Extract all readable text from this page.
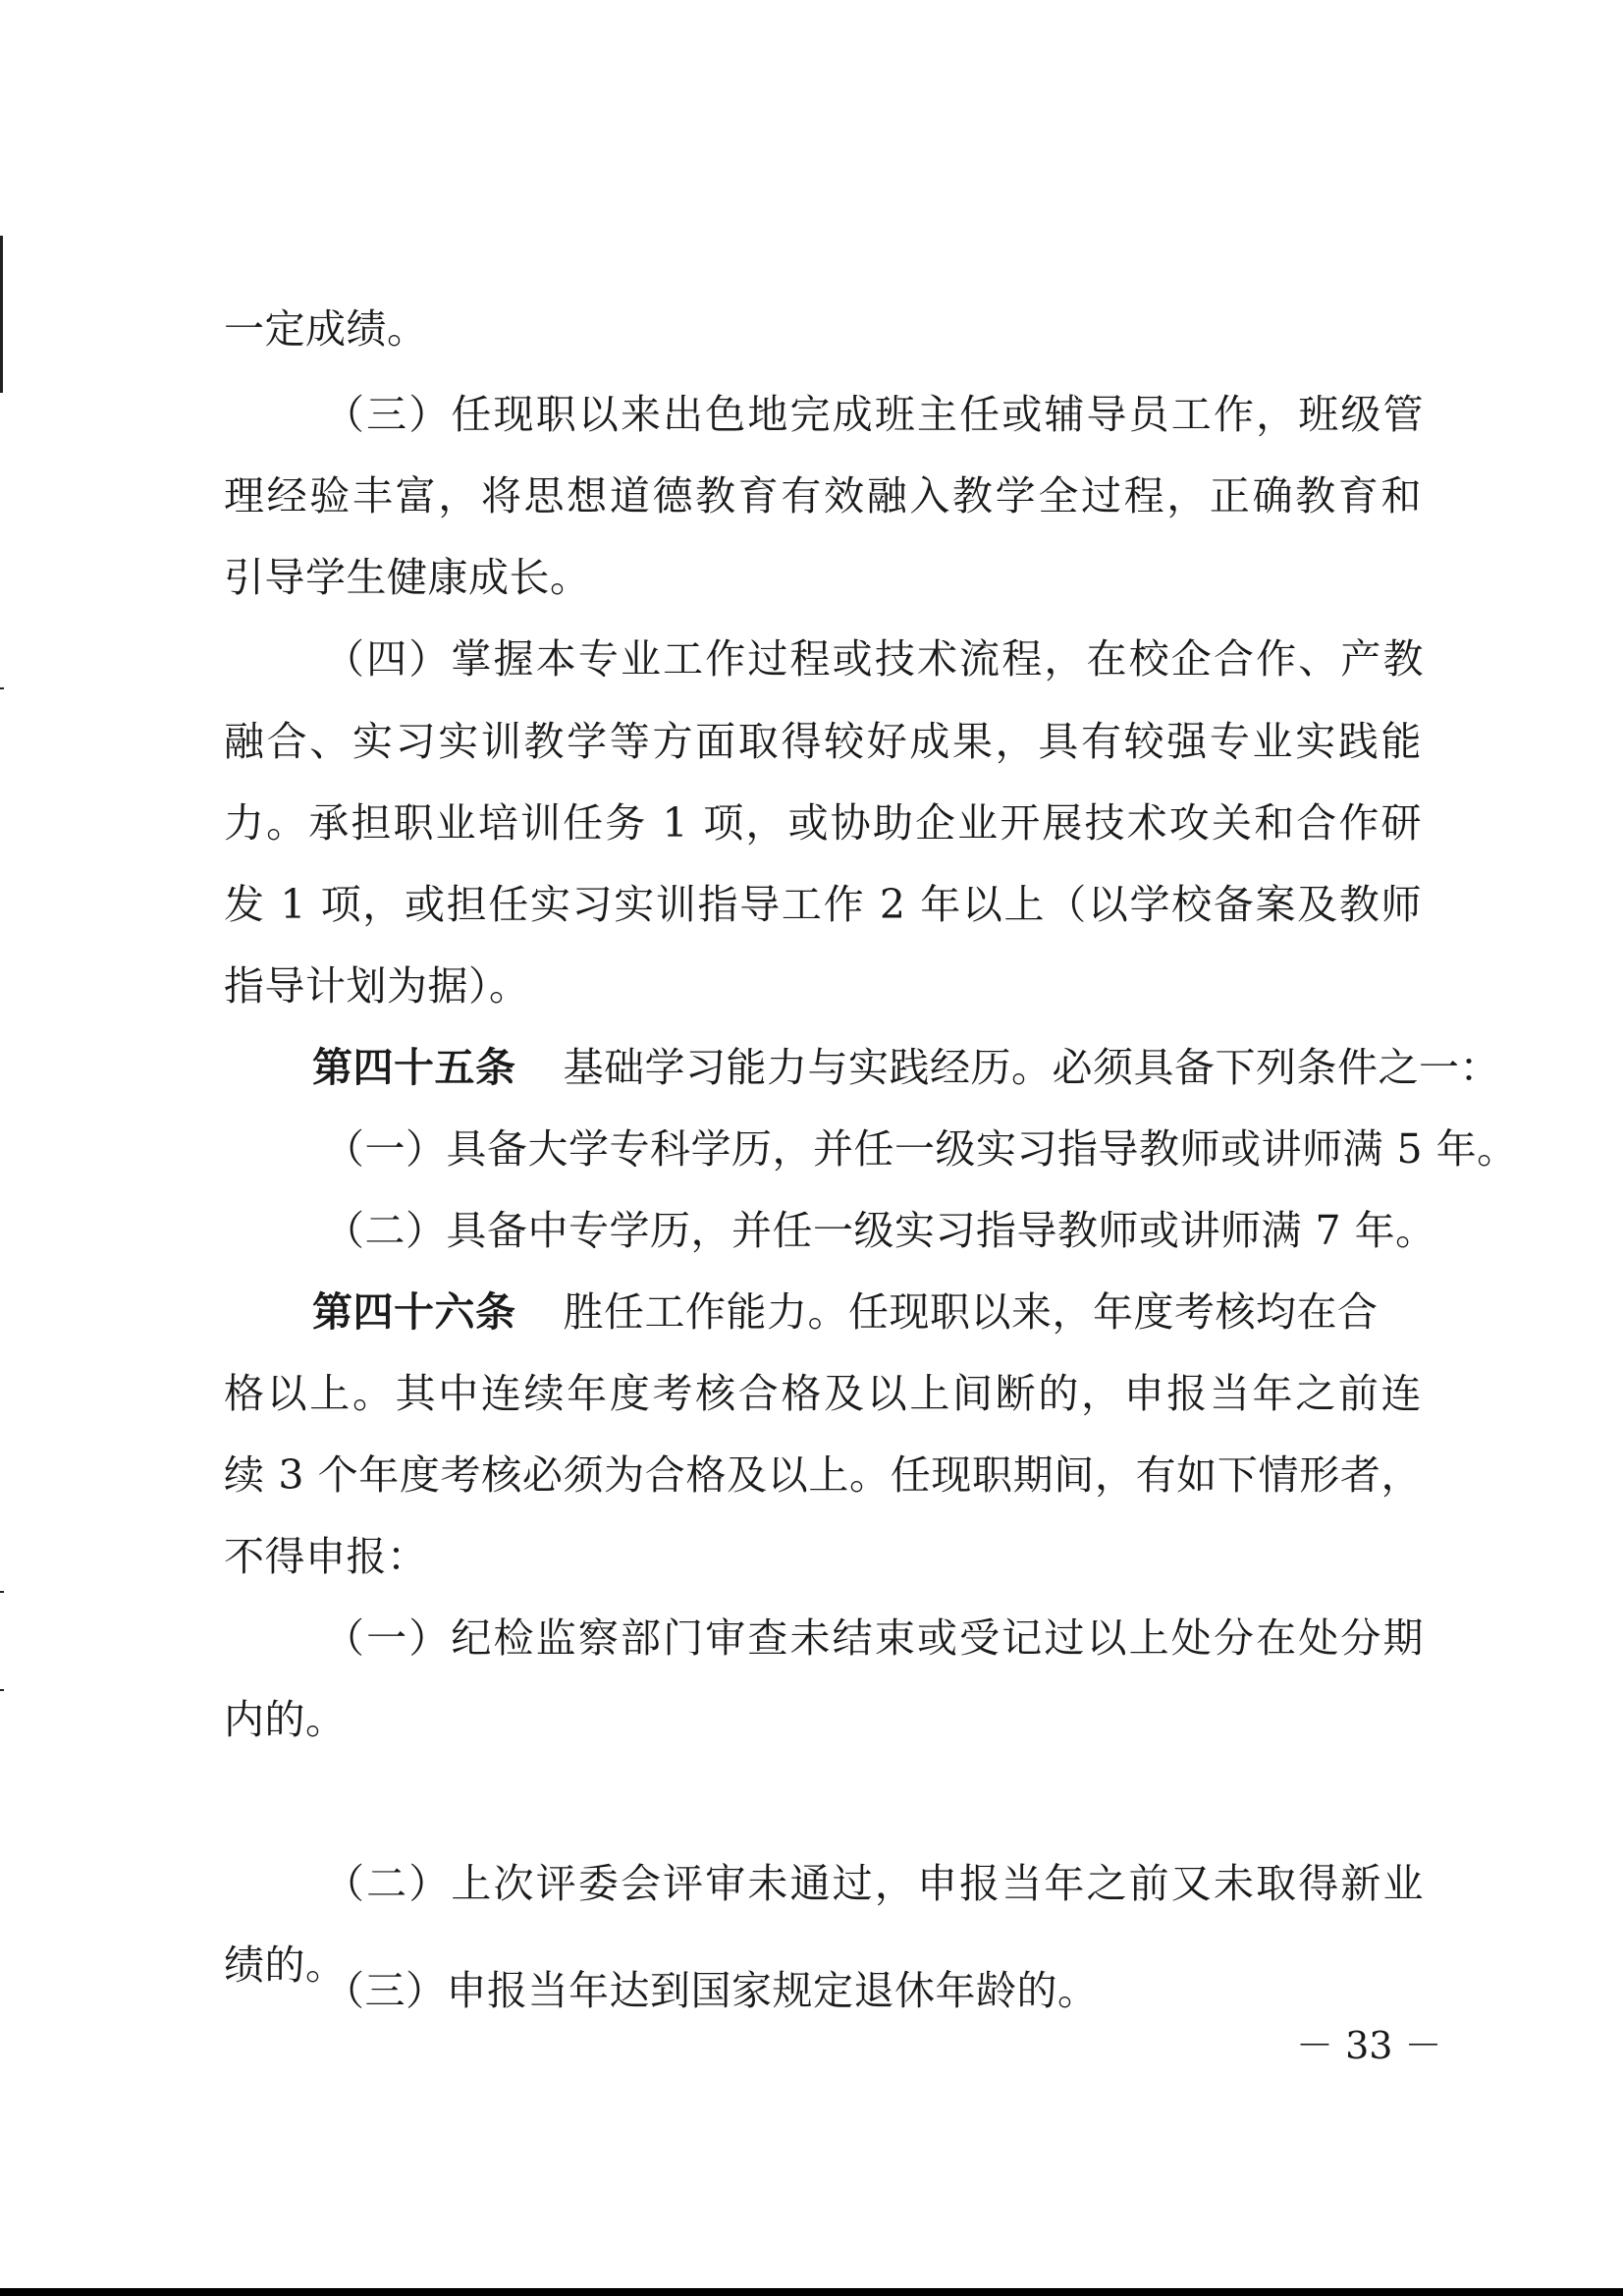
一定成绩。
（三）任现职以来出色地完成班主任或辅导员工作，班级管
理经验丰富，将思想道德教育有效融入教学全过程，正确教育和
引导学生健康成长。
（四）掌握本专业工作过程或技术流程，在校企合作、产教
融合、实习实训教学等方面取得较好成果，具有较强专业实践能
力。承担职业培训任务 1 项，或协助企业开展技术攻关和合作研
发 1 项，或担任实习实训指导工作 2 年以上（以学校备案及教师
指导计划为据）。
第四十五条 基础学习能力与实践经历。必须具备下列条件之一：
（一）具备大学专科学历，并任一级实习指导教师或讲师满 5 年。
（二）具备中专学历，并任一级实习指导教师或讲师满 7 年。
第四十六条 胜任工作能力。任现职以来，年度考核均在合
格以上。其中连续年度考核合格及以上间断的，申报当年之前连
续 3 个年度考核必须为合格及以上。任现职期间，有如下情形者，
不得申报：
（一）纪检监察部门审查未结束或受记过以上处分在处分期
内的。
（二）上次评委会评审未通过，申报当年之前又未取得新业
绩的。
（三）申报当年达到国家规定退休年龄的。
－ 33 －
